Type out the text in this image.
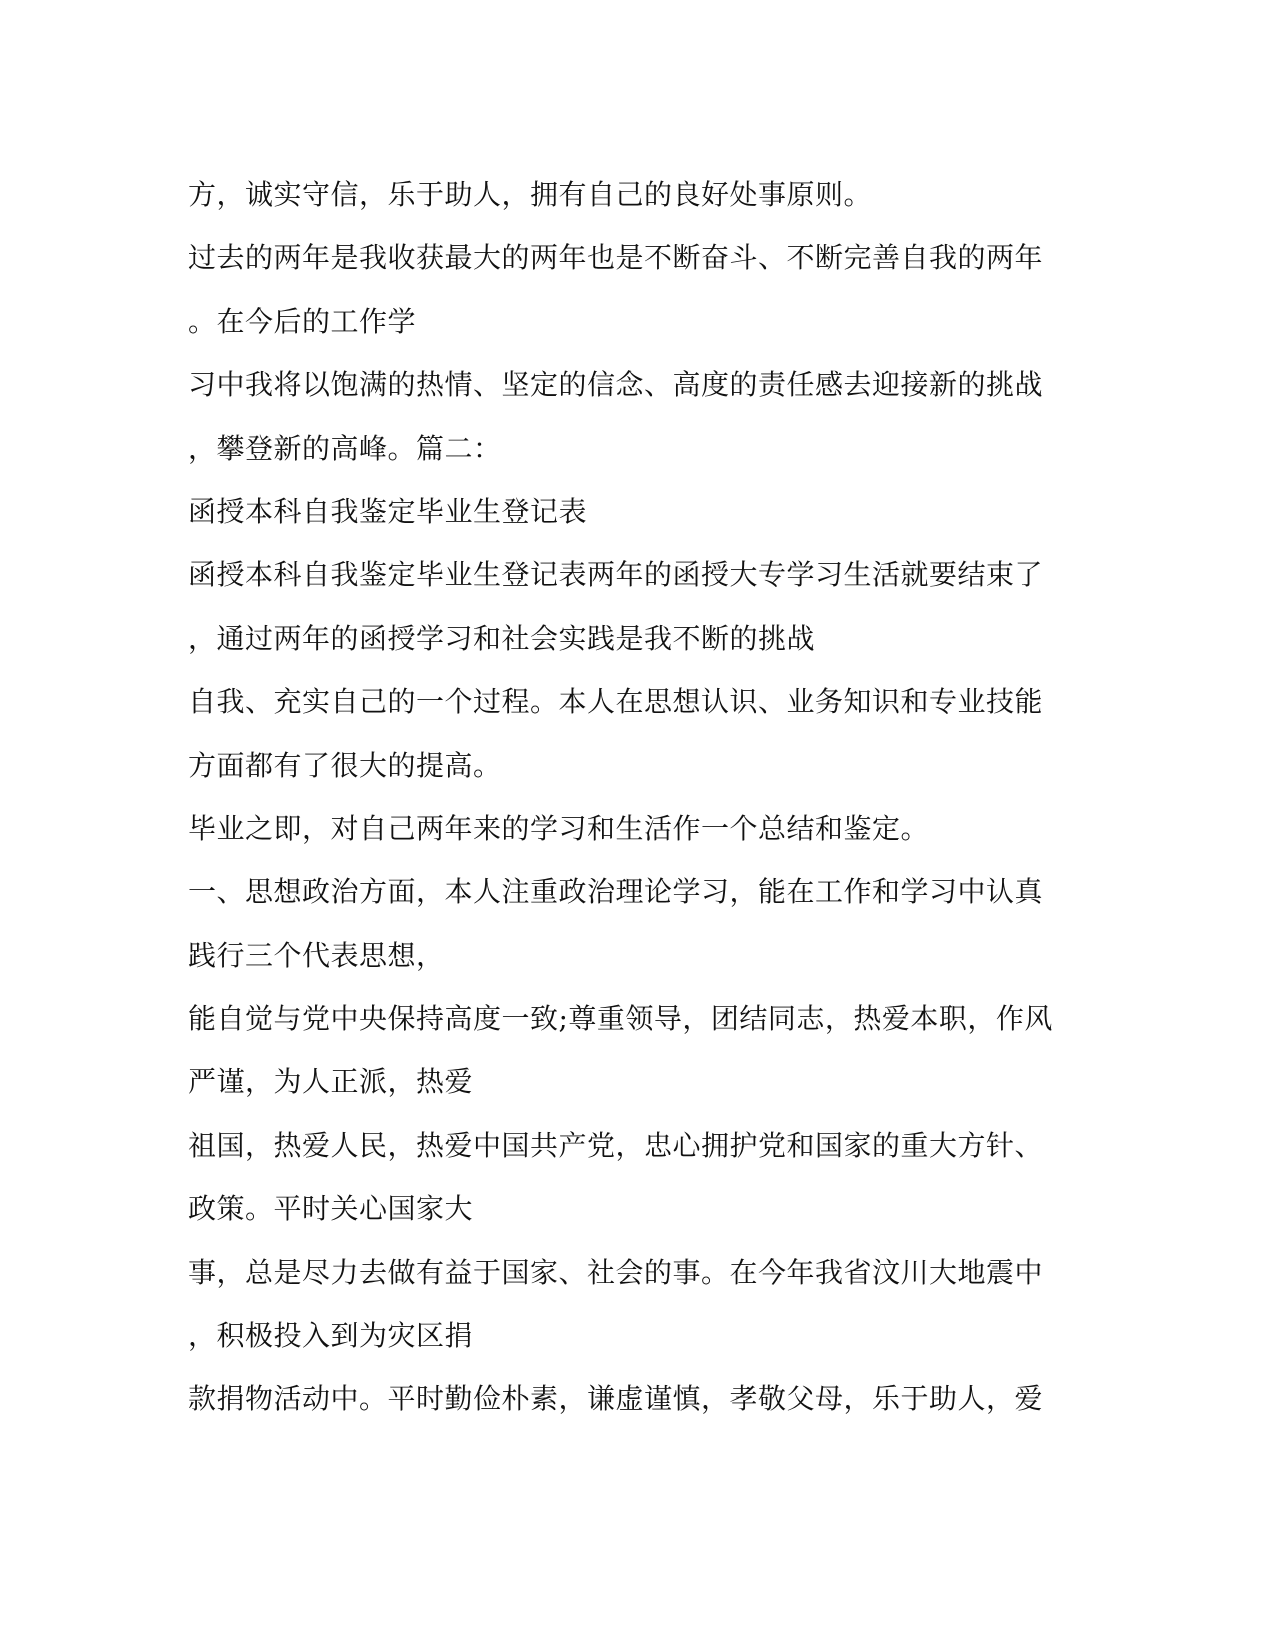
方，诚实守信，乐于助人，拥有自己的良好处事原则。
过去的两年是我收获最大的两年也是不断奋斗、不断完善自我的两年
。在今后的工作学
习中我将以饱满的热情、坚定的信念、高度的责任感去迎接新的挑战
，攀登新的高峰。篇二：
函授本科自我鉴定毕业生登记表
函授本科自我鉴定毕业生登记表两年的函授大专学习生活就要结束了
，通过两年的函授学习和社会实践是我不断的挑战
自我、充实自己的一个过程。本人在思想认识、业务知识和专业技能
方面都有了很大的提高。
毕业之即，对自己两年来的学习和生活作一个总结和鉴定。
一、思想政治方面，本人注重政治理论学习，能在工作和学习中认真
践行三个代表思想，
能自觉与党中央保持高度一致;尊重领导，团结同志，热爱本职，作风
严谨，为人正派，热爱
祖国，热爱人民，热爱中国共产党，忠心拥护党和国家的重大方针、
政策。平时关心国家大
事，总是尽力去做有益于国家、社会的事。在今年我省汶川大地震中
，积极投入到为灾区捐
款捐物活动中。平时勤俭朴素，谦虚谨慎，孝敬父母，乐于助人，爱
